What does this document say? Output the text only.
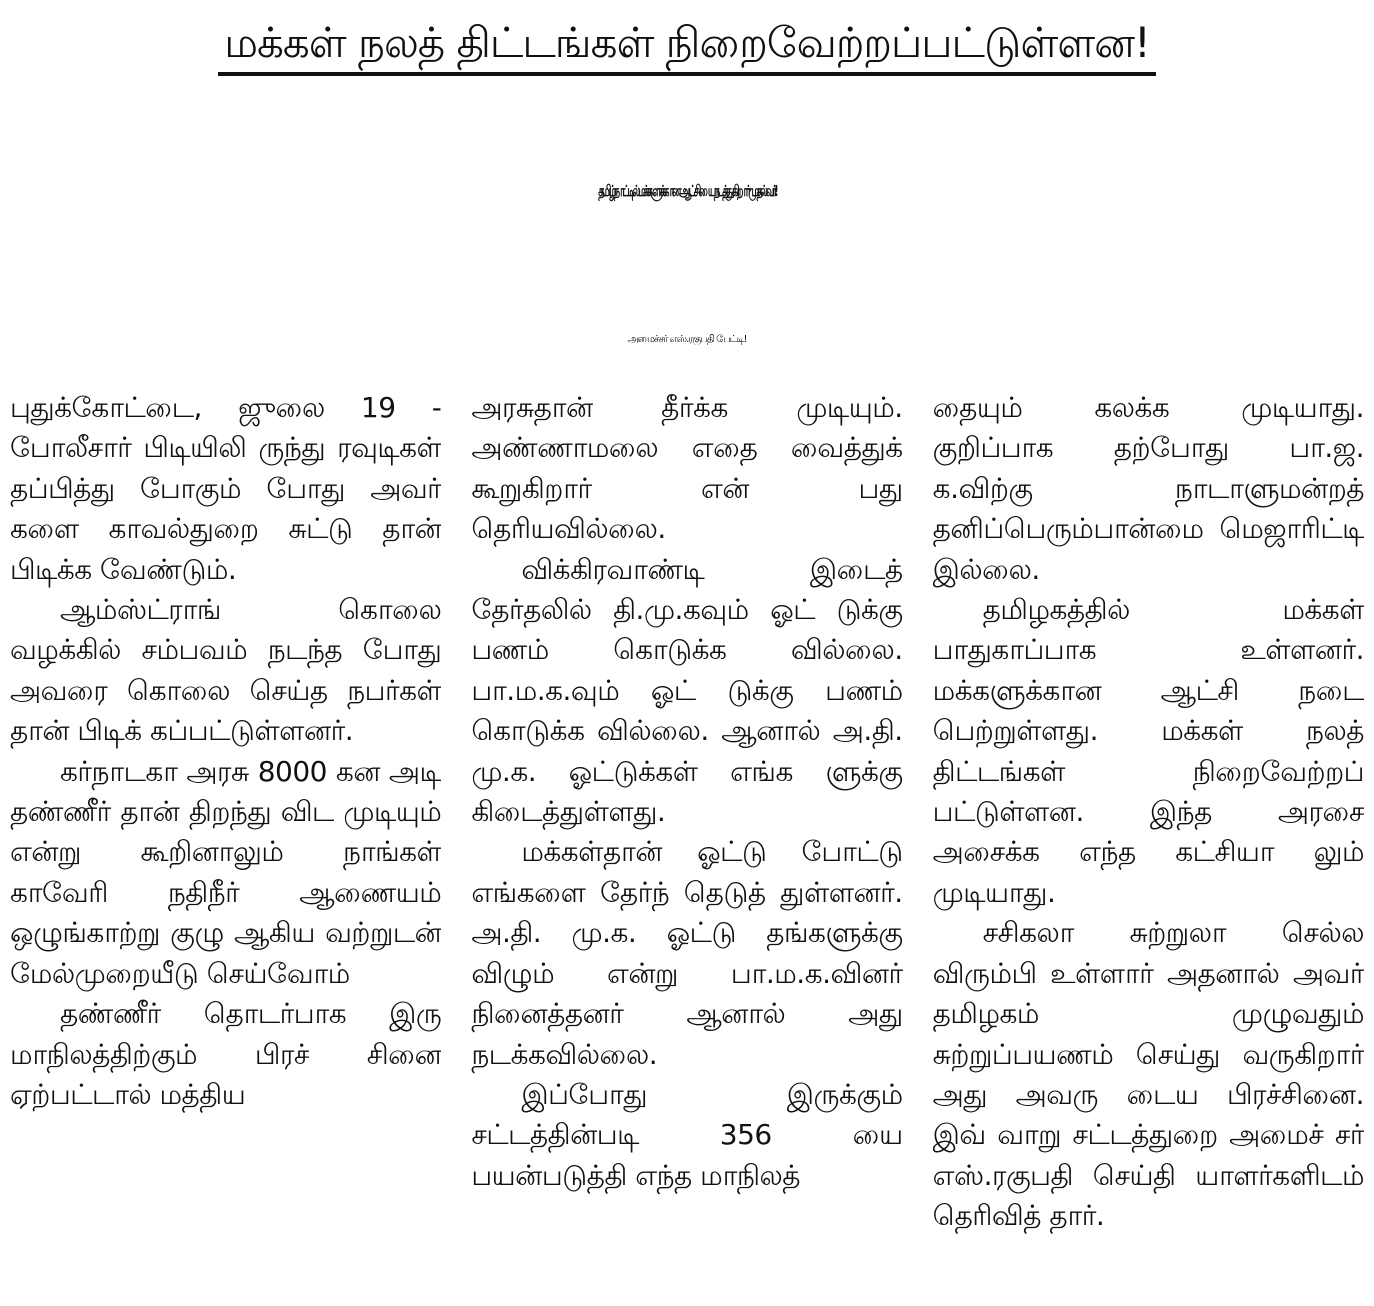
மக்கள் நலத் திட்டங்கள் நிறைவேற்றப்பட்டுள்ளன!
தமிழ்நாட்டில் மக்களுக்கான ஆட்சியை நடத்துகிறார் முதல்வர்!
அமைச்சர் எஸ்.ரகுபதி பேட்டி!

புதுக்கோட்டை, ஜுலை 19 - போலீசார் பிடியிலி ருந்து ரவுடிகள் தப்பித்து போகும் போது அவர் களை காவல்துறை சுட்டு தான் பிடிக்க வேண்டும்.

ஆம்ஸ்ட்ராங் கொலை வழக்கில் சம்பவம் நடந்த போது அவரை கொலை செய்த நபர்கள் தான் பிடிக் கப்பட்டுள்ளனர்.

கர்நாடகா அரசு 8000 கன அடி தண்ணீர் தான் திறந்து விட முடியும் என்று கூறினாலும் நாங்கள் காவேரி நதிநீர் ஆணையம் ஒழுங்காற்று குழு ஆகிய வற்றுடன் மேல்முறையீடு செய்வோம்

தண்ணீர் தொடர்பாக இரு மாநிலத்திற்கும் பிரச் சினை ஏற்பட்டால் மத்திய

அரசுதான் தீர்க்க முடியும். அண்ணாமலை எதை வைத்துக் கூறுகிறார் என் பது தெரியவில்லை.

விக்கிரவாண்டி இடைத் தேர்தலில் தி.மு.கவும் ஓட் டுக்கு பணம் கொடுக்க வில்லை. பா.ம.க.வும் ஓட் டுக்கு பணம் கொடுக்க வில்லை. ஆனால் அ.தி. மு.க. ஓட்டுக்கள் எங்க ளுக்கு கிடைத்துள்ளது.

மக்கள்தான் ஓட்டு போட்டு எங்களை தேர்ந் தெடுத் துள்ளனர். அ.தி. மு.க. ஓட்டு தங்களுக்கு விழும் என்று பா.ம.க.வினர் நினைத்தனர் ஆனால் அது நடக்கவில்லை.

இப்போது இருக்கும் சட்டத்தின்படி 356 யை பயன்படுத்தி எந்த மாநிலத்

தையும் கலக்க முடியாது. குறிப்பாக தற்போது பா.ஜ. க.விற்கு நாடாளுமன்றத் தனிப்பெரும்பான்மை மெஜாரிட்டி இல்லை.

தமிழகத்தில் மக்கள் பாதுகாப்பாக உள்ளனர். மக்களுக்கான ஆட்சி நடை பெற்றுள்ளது. மக்கள் நலத் திட்டங்கள் நிறைவேற்றப் பட்டுள்ளன. இந்த அரசை அசைக்க எந்த கட்சியா லும் முடியாது.

சசிகலா சுற்றுலா செல்ல விரும்பி உள்ளார் அதனால் அவர் தமிழகம் முழுவதும் சுற்றுப்பயணம் செய்து வருகிறார் அது அவரு டைய பிரச்சினை. இவ் வாறு சட்டத்துறை அமைச் சர் எஸ்.ரகுபதி செய்தி யாளர்களிடம் தெரிவித் தார்.
